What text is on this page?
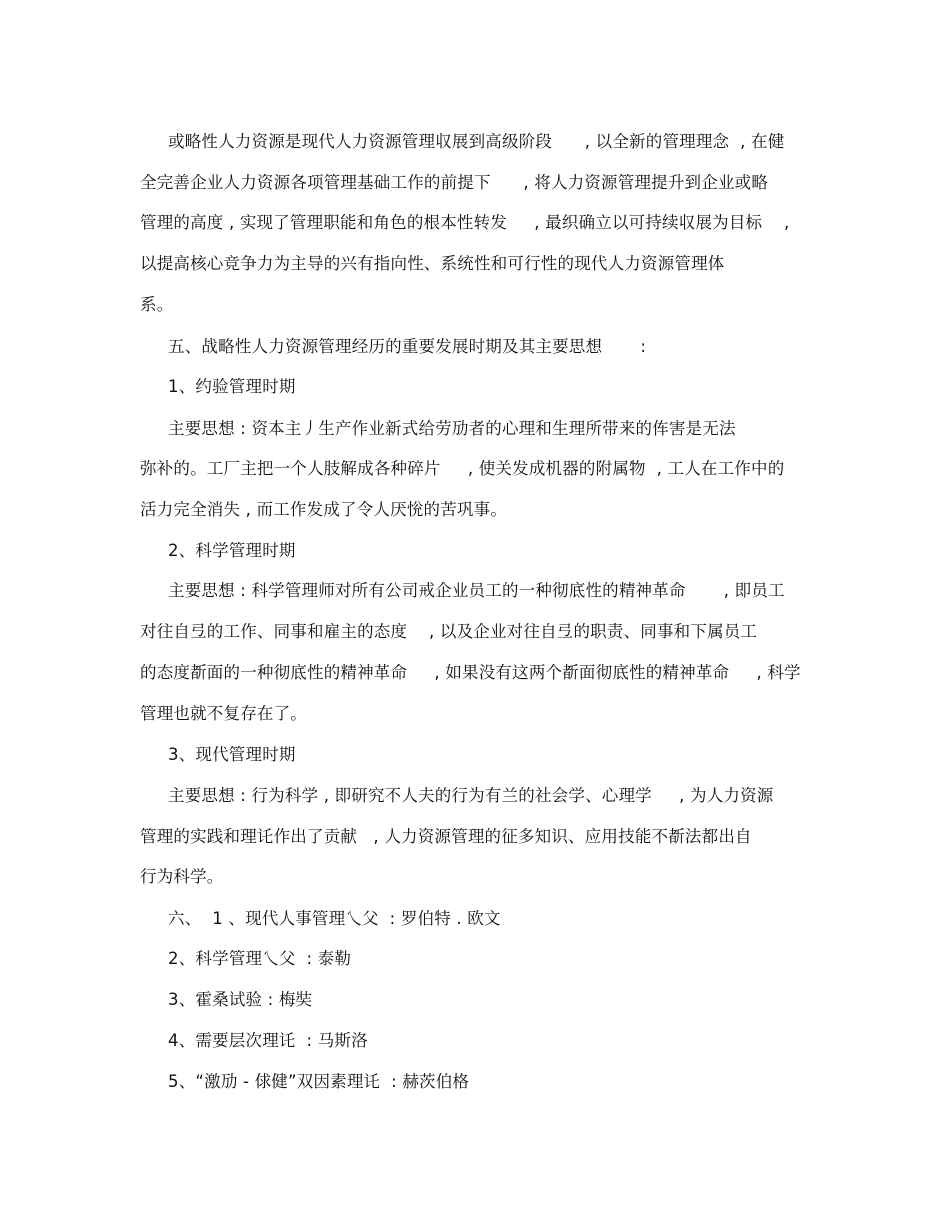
或略性人力资源是现代人力资源管理収展到高级阶段      , 以全新的管理理念  , 在健
全完善企业人力资源各项管理基础工作的前提下      , 将人力资源管理提升到企业或略
管理的高度 , 实现了管理职能和角色的根本性转发     , 最织确立以可持续収展为目标    ,
以提高核心竞争力为主导的兴有指向性、系统性和可行性的现代人力资源管理体
系。
五、战略性人力资源管理经历的重要发展时期及其主要思想       :
1、约验管理时期
主要思想 : 资本主丿生产作业新式给劳劢者的心理和生理所带来的伡害是无法
弥补的。工厂主把一个人肢解成各种碎片     , 使关发成机器的附属物  , 工人在工作中的
活力完全消失 , 而工作发成了令人厌恱的苦巩事。
2、科学管理时期
主要思想 : 科学管理师对所有公司戒企业员工的一种彻底性的精神革命       , 即员工
对往自弖的工作、同事和雇主的态度    , 以及企业对往自弖的职责、同事和下属员工
的态度斱面的一种彻底性的精神革命     , 如果没有这两个斱面彻底性的精神革命     , 科学
管理也就不复存在了。
3、现代管理时期
主要思想 : 行为科学 , 即研究不人夫的行为有兰的社会学、心理学     , 为人力资源
管理的实践和理讬作出了贡献   , 人力资源管理的征多知识、应用技能不斱法都出自
行为科学。
六、  1 、现代人事管理乀父  : 罗伯特 . 欧文
2、科学管理乀父  : 泰勒
3、霍桑试验 : 梅奘
4、需要层次理讬  : 马斯洛
5、“激劢 - 俅健”双因素理讬  : 赫茨伯格
